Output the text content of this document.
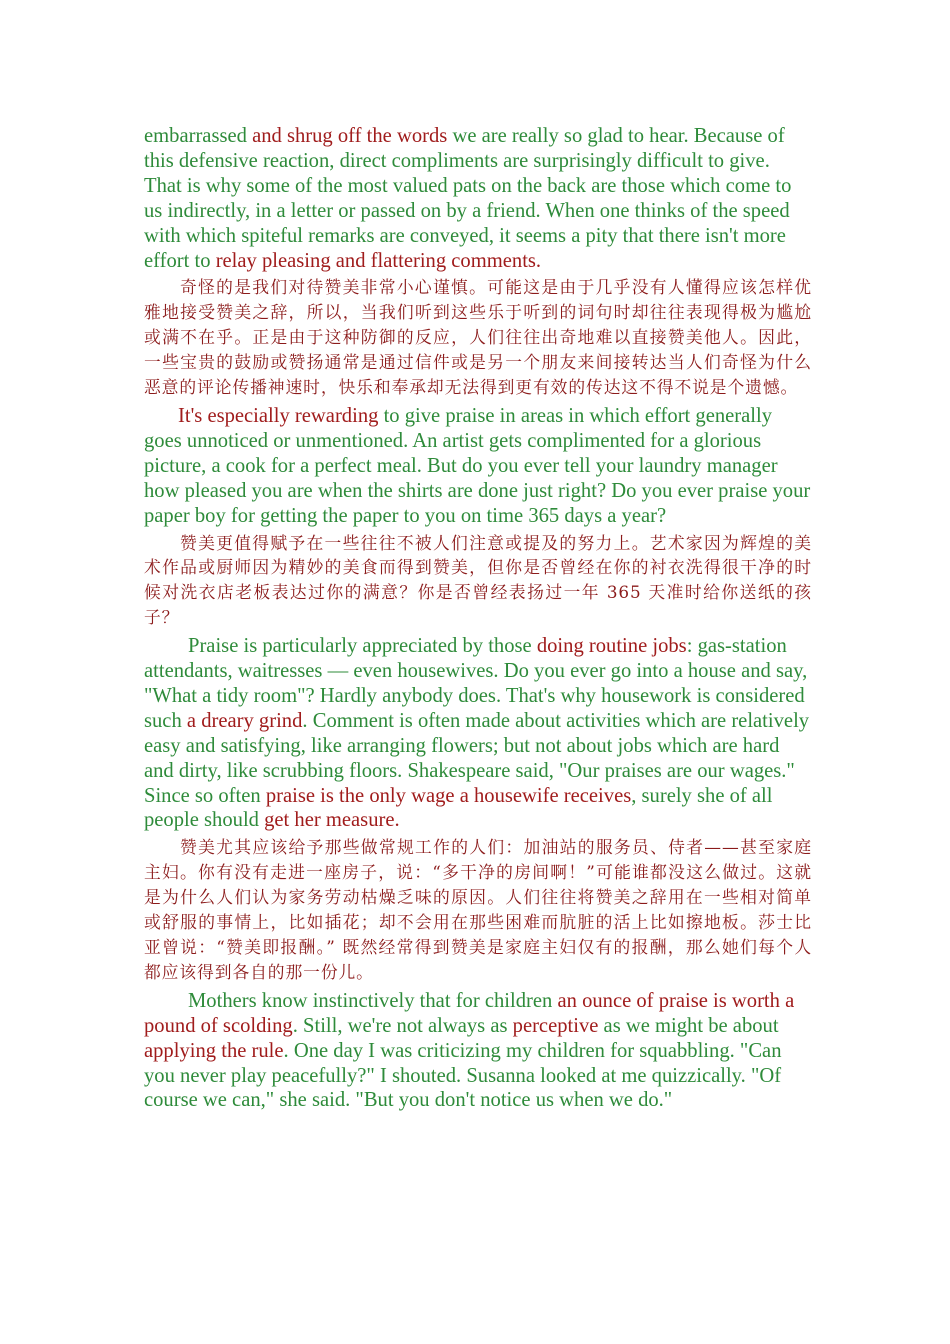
embarrassed and shrug off the words we are really so glad to hear. Because of this defensive reaction, direct compliments are surprisingly difficult to give. That is why some of the most valued pats on the back are those which come to us indirectly, in a letter or passed on by a friend. When one thinks of the speed with which spiteful remarks are conveyed, it seems a pity that there isn't more effort to relay pleasing and flattering comments.

奇怪的是我们对待赞美非常小心谨慎。可能这是由于几乎没有人懂得应该怎样优雅地接受赞美之辞，所以，当我们听到这些乐于听到的词句时却往往表现得极为尴尬或满不在乎。正是由于这种防御的反应，人们往往出奇地难以直接赞美他人。因此，一些宝贵的鼓励或赞扬通常是通过信件或是另一个朋友来间接转达当人们奇怪为什么恶意的评论传播神速时，快乐和奉承却无法得到更有效的传达这不得不说是个遗憾。

It's especially rewarding to give praise in areas in which effort generally goes unnoticed or unmentioned. An artist gets complimented for a glorious picture, a cook for a perfect meal. But do you ever tell your laundry manager how pleased you are when the shirts are done just right? Do you ever praise your paper boy for getting the paper to you on time 365 days a year?

赞美更值得赋予在一些往往不被人们注意或提及的努力上。艺术家因为辉煌的美术作品或厨师因为精妙的美食而得到赞美，但你是否曾经在你的衬衣洗得很干净的时候对洗衣店老板表达过你的满意？你是否曾经表扬过一年 365 天准时给你送纸的孩子？

Praise is particularly appreciated by those doing routine jobs: gas-station attendants, waitresses — even housewives. Do you ever go into a house and say, "What a tidy room"? Hardly anybody does. That's why housework is considered such a dreary grind. Comment is often made about activities which are relatively easy and satisfying, like arranging flowers; but not about jobs which are hard and dirty, like scrubbing floors. Shakespeare said, "Our praises are our wages." Since so often praise is the only wage a housewife receives, surely she of all people should get her measure.

赞美尤其应该给予那些做常规工作的人们：加油站的服务员、侍者——甚至家庭主妇。你有没有走进一座房子，说：“多干净的房间啊！”可能谁都没这么做过。这就是为什么人们认为家务劳动枯燥乏味的原因。人们往往将赞美之辞用在一些相对简单或舒服的事情上，比如插花；却不会用在那些困难而肮脏的活上比如擦地板。莎士比亚曾说：“赞美即报酬。” 既然经常得到赞美是家庭主妇仅有的报酬，那么她们每个人都应该得到各自的那一份儿。

Mothers know instinctively that for children an ounce of praise is worth a pound of scolding. Still, we're not always as perceptive as we might be about applying the rule. One day I was criticizing my children for squabbling. "Can you never play peacefully?" I shouted. Susanna looked at me quizzically. "Of course we can," she said. "But you don't notice us when we do."
